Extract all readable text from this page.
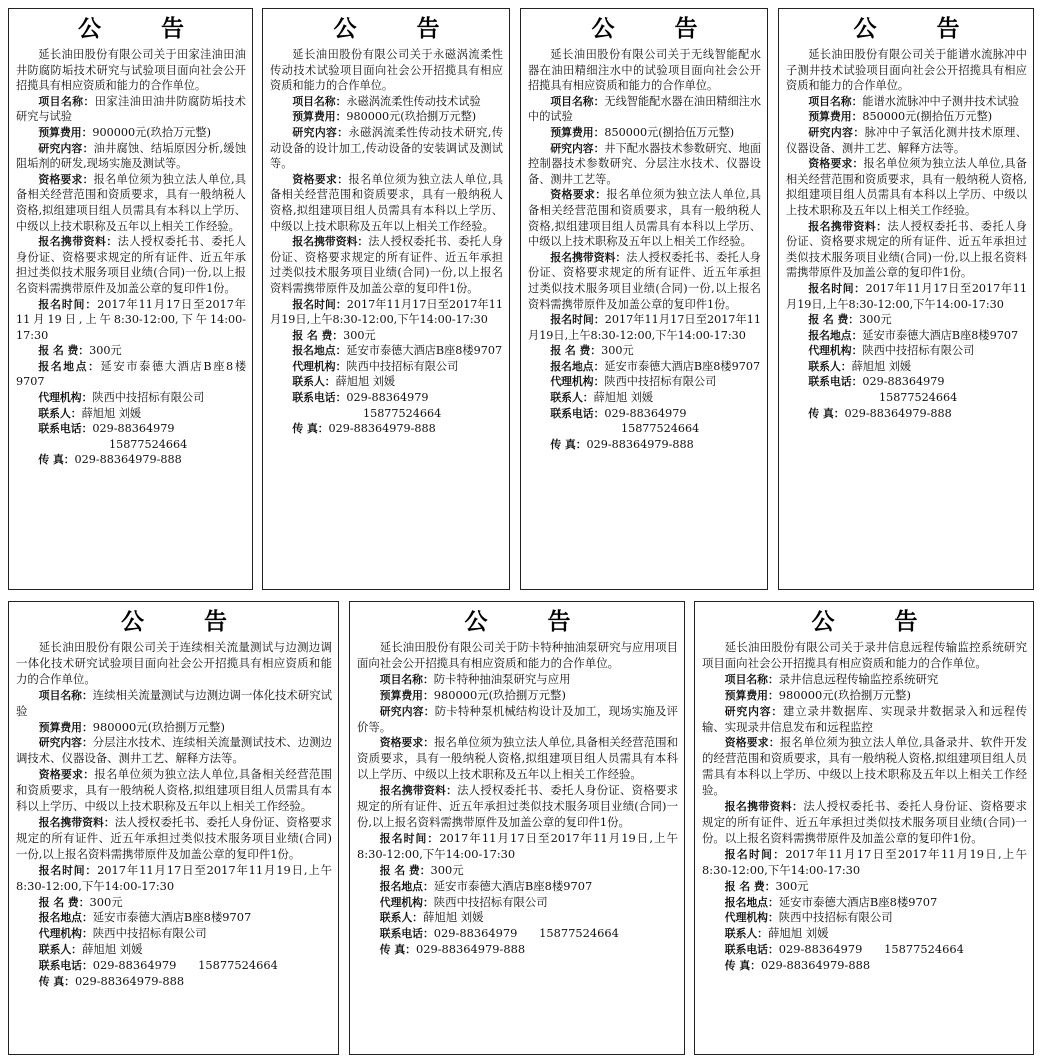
公 告

延长油田股份有限公司关于田家洼油田油井防腐防垢技术研究与试验项目面向社会公开招揽具有相应资质和能力的合作单位。

项目名称：田家洼油田油井防腐防垢技术研究与试验

预算费用：900000元(玖拾万元整)

研究内容：油井腐蚀、结垢原因分析,缓蚀阻垢剂的研发,现场实施及测试等。

资格要求：报名单位须为独立法人单位,具备相关经营范围和资质要求，具有一般纳税人资格,拟组建项目组人员需具有本科以上学历、中级以上技术职称及五年以上相关工作经验。

报名携带资料：法人授权委托书、委托人身份证、资格要求规定的所有证件、近五年承担过类似技术服务项目业绩(合同)一份,以上报名资料需携带原件及加盖公章的复印件1份。

报名时间：2017年11月17日至2017年11月19日,上午8:30-12:00,下午14:00-17:30

报 名 费：300元

报名地点：延安市泰德大酒店B座8楼9707

代理机构：陕西中技招标有限公司

联系人：薛旭旭 刘媛

联系电话：029-88364979

15877524664

传 真：029-88364979-888

公 告

延长油田股份有限公司关于永磁涡流柔性传动技术试验项目面向社会公开招揽具有相应资质和能力的合作单位。

项目名称：永磁涡流柔性传动技术试验

预算费用：980000元(玖拾捌万元整)

研究内容：永磁涡流柔性传动技术研究,传动设备的设计加工,传动设备的安装调试及测试等。

资格要求：报名单位须为独立法人单位,具备相关经营范围和资质要求，具有一般纳税人资格,拟组建项目组人员需具有本科以上学历、中级以上技术职称及五年以上相关工作经验。

报名携带资料：法人授权委托书、委托人身份证、资格要求规定的所有证件、近五年承担过类似技术服务项目业绩(合同)一份,以上报名资料需携带原件及加盖公章的复印件1份。

报名时间：2017年11月17日至2017年11月19日,上午8:30-12:00,下午14:00-17:30

报 名 费：300元

报名地点：延安市泰德大酒店B座8楼9707

代理机构：陕西中技招标有限公司

联系人：薛旭旭 刘媛

联系电话：029-88364979

15877524664

传 真：029-88364979-888

公 告

延长油田股份有限公司关于无线智能配水器在油田精细注水中的试验项目面向社会公开招揽具有相应资质和能力的合作单位。

项目名称：无线智能配水器在油田精细注水中的试验

预算费用：850000元(捌拾伍万元整)

研究内容：井下配水器技术参数研究、地面控制器技术参数研究、分层注水技术、仪器设备、测井工艺等。

资格要求：报名单位须为独立法人单位,具备相关经营范围和资质要求，具有一般纳税人资格,拟组建项目组人员需具有本科以上学历、中级以上技术职称及五年以上相关工作经验。

报名携带资料：法人授权委托书、委托人身份证、资格要求规定的所有证件、近五年承担过类似技术服务项目业绩(合同)一份,以上报名资料需携带原件及加盖公章的复印件1份。

报名时间：2017年11月17日至2017年11月19日,上午8:30-12:00,下午14:00-17:30

报 名 费：300元

报名地点：延安市泰德大酒店B座8楼9707

代理机构：陕西中技招标有限公司

联系人：薛旭旭 刘媛

联系电话：029-88364979

15877524664

传 真：029-88364979-888

公 告

延长油田股份有限公司关于能谱水流脉冲中子测井技术试验项目面向社会公开招揽具有相应资质和能力的合作单位。

项目名称：能谱水流脉冲中子测井技术试验

预算费用：850000元(捌拾伍万元整)

研究内容：脉冲中子氧活化测井技术原理、仪器设备、测井工艺、解释方法等。

资格要求：报名单位须为独立法人单位,具备相关经营范围和资质要求，具有一般纳税人资格,拟组建项目组人员需具有本科以上学历、中级以上技术职称及五年以上相关工作经验。

报名携带资料：法人授权委托书、委托人身份证、资格要求规定的所有证件、近五年承担过类似技术服务项目业绩(合同)一份,以上报名资料需携带原件及加盖公章的复印件1份。

报名时间：2017年11月17日至2017年11月19日,上午8:30-12:00,下午14:00-17:30

报 名 费：300元

报名地点：延安市泰德大酒店B座8楼9707

代理机构：陕西中技招标有限公司

联系人：薛旭旭 刘媛

联系电话：029-88364979

15877524664

传 真：029-88364979-888

公 告

延长油田股份有限公司关于连续相关流量测试与边测边调一体化技术研究试验项目面向社会公开招揽具有相应资质和能力的合作单位。

项目名称：连续相关流量测试与边测边调一体化技术研究试验

预算费用：980000元(玖拾捌万元整)

研究内容：分层注水技术、连续相关流量测试技术、边测边调技术、仪器设备、测井工艺、解释方法等。

资格要求：报名单位须为独立法人单位,具备相关经营范围和资质要求，具有一般纳税人资格,拟组建项目组人员需具有本科以上学历、中级以上技术职称及五年以上相关工作经验。

报名携带资料：法人授权委托书、委托人身份证、资格要求规定的所有证件、近五年承担过类似技术服务项目业绩(合同)一份,以上报名资料需携带原件及加盖公章的复印件1份。

报名时间：2017年11月17日至2017年11月19日,上午8:30-12:00,下午14:00-17:30

报 名 费：300元

报名地点：延安市泰德大酒店B座8楼9707

代理机构：陕西中技招标有限公司

联系人：薛旭旭 刘媛

联系电话：029-88364979 15877524664

传 真：029-88364979-888

公 告

延长油田股份有限公司关于防卡特种抽油泵研究与应用项目面向社会公开招揽具有相应资质和能力的合作单位。

项目名称：防卡特种抽油泵研究与应用

预算费用：980000元(玖拾捌万元整)

研究内容：防卡特种泵机械结构设计及加工，现场实施及评价等。

资格要求：报名单位须为独立法人单位,具备相关经营范围和资质要求，具有一般纳税人资格,拟组建项目组人员需具有本科以上学历、中级以上技术职称及五年以上相关工作经验。

报名携带资料：法人授权委托书、委托人身份证、资格要求规定的所有证件、近五年承担过类似技术服务项目业绩(合同)一份,以上报名资料需携带原件及加盖公章的复印件1份。

报名时间：2017年11月17日至2017年11月19日,上午8:30-12:00,下午14:00-17:30

报 名 费：300元

报名地点：延安市泰德大酒店B座8楼9707

代理机构：陕西中技招标有限公司

联系人：薛旭旭 刘媛

联系电话：029-88364979 15877524664

传 真：029-88364979-888

公 告

延长油田股份有限公司关于录井信息远程传输监控系统研究项目面向社会公开招揽具有相应资质和能力的合作单位。

项目名称：录井信息远程传输监控系统研究

预算费用：980000元(玖拾捌万元整)

研究内容：建立录井数据库、实现录井数据录入和远程传输、实现录井信息发布和远程监控

资格要求：报名单位须为独立法人单位,具备录井、软件开发的经营范围和资质要求，具有一般纳税人资格,拟组建项目组人员需具有本科以上学历、中级以上技术职称及五年以上相关工作经验。

报名携带资料：法人授权委托书、委托人身份证、资格要求规定的所有证件、近五年承担过类似技术服务项目业绩(合同)一份。以上报名资料需携带原件及加盖公章的复印件1份。

报名时间：2017年11月17日至2017年11月19日,上午8:30-12:00,下午14:00-17:30

报 名 费：300元

报名地点：延安市泰德大酒店B座8楼9707

代理机构：陕西中技招标有限公司

联系人：薛旭旭 刘媛

联系电话：029-88364979 15877524664

传 真：029-88364979-888
